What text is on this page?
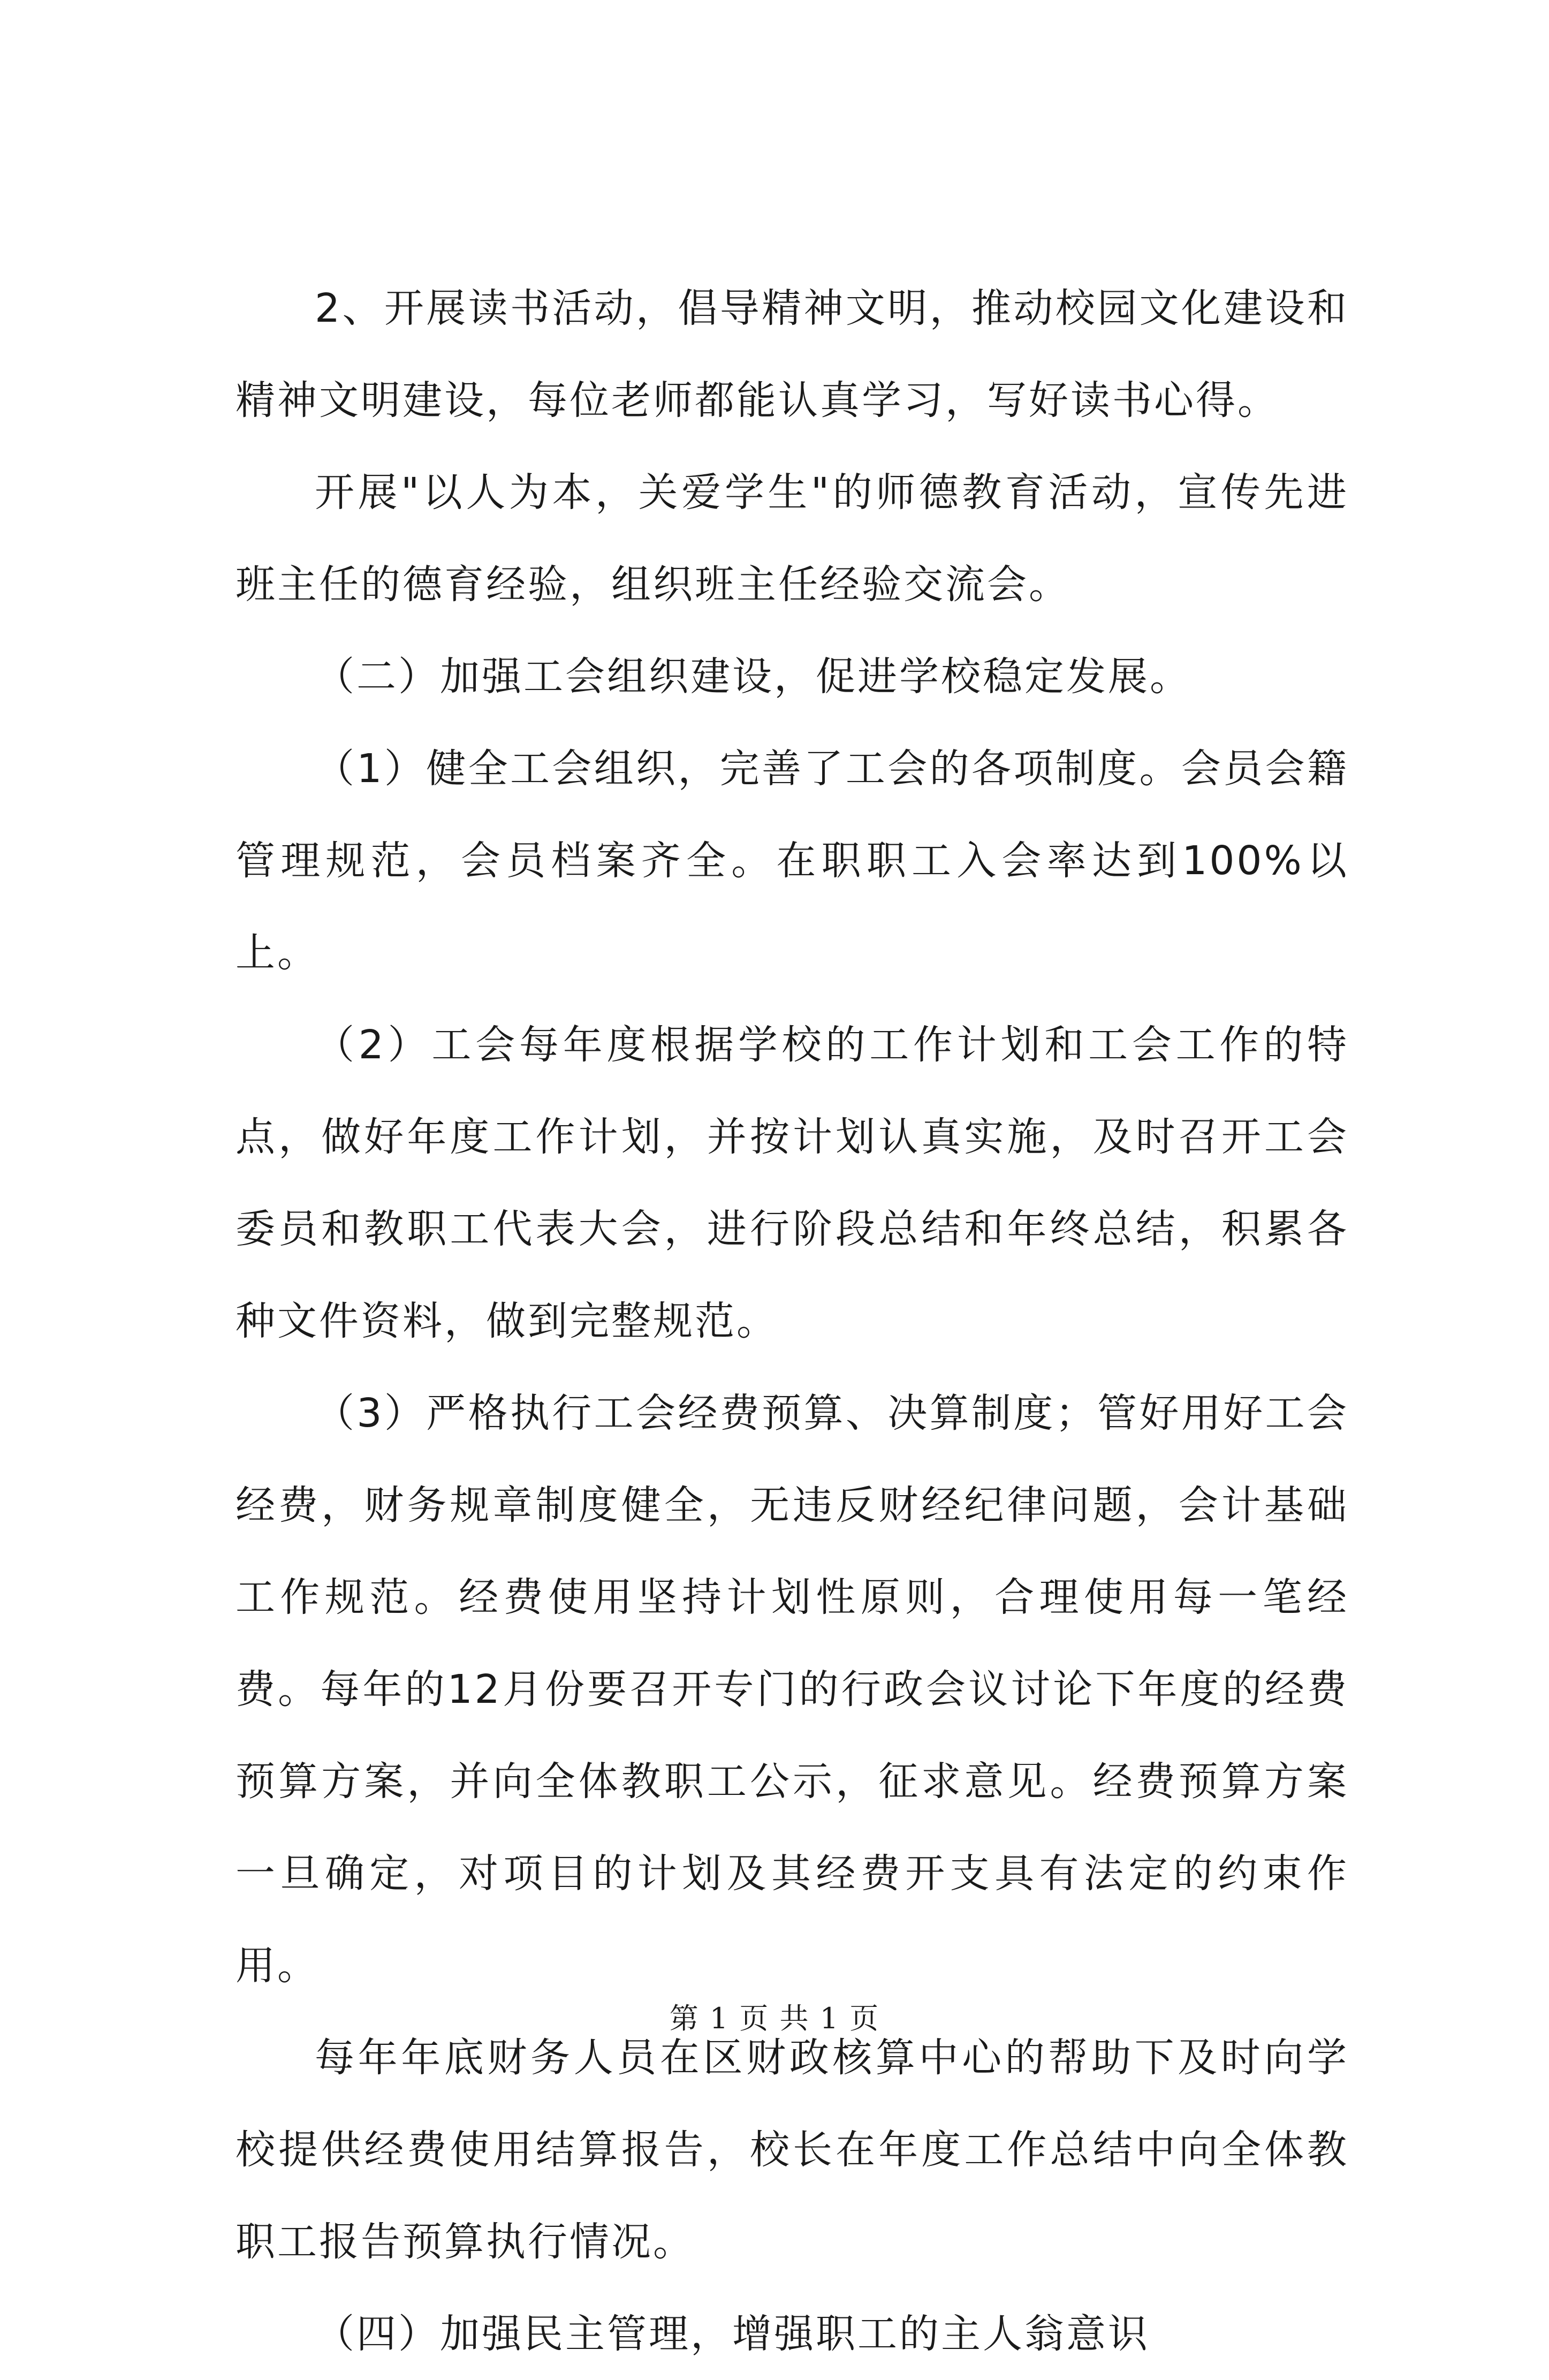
2、开展读书活动，倡导精神文明，推动校园文化建设和精神文明建设，每位老师都能认真学习，写好读书心得。

开展"以人为本，关爱学生"的师德教育活动，宣传先进班主任的德育经验，组织班主任经验交流会。

（二）加强工会组织建设，促进学校稳定发展。

（1）健全工会组织，完善了工会的各项制度。会员会籍管理规范，会员档案齐全。在职职工入会率达到100%以上。

（2）工会每年度根据学校的工作计划和工会工作的特点，做好年度工作计划，并按计划认真实施，及时召开工会委员和教职工代表大会，进行阶段总结和年终总结，积累各种文件资料，做到完整规范。

（3）严格执行工会经费预算、决算制度；管好用好工会经费，财务规章制度健全，无违反财经纪律问题，会计基础工作规范。经费使用坚持计划性原则，合理使用每一笔经费。每年的12月份要召开专门的行政会议讨论下年度的经费预算方案，并向全体教职工公示，征求意见。经费预算方案一旦确定，对项目的计划及其经费开支具有法定的约束作用。

每年年底财务人员在区财政核算中心的帮助下及时向学校提供经费使用结算报告，校长在年度工作总结中向全体教职工报告预算执行情况。

（四）加强民主管理，增强职工的主人翁意识

第 1 页 共 1 页
